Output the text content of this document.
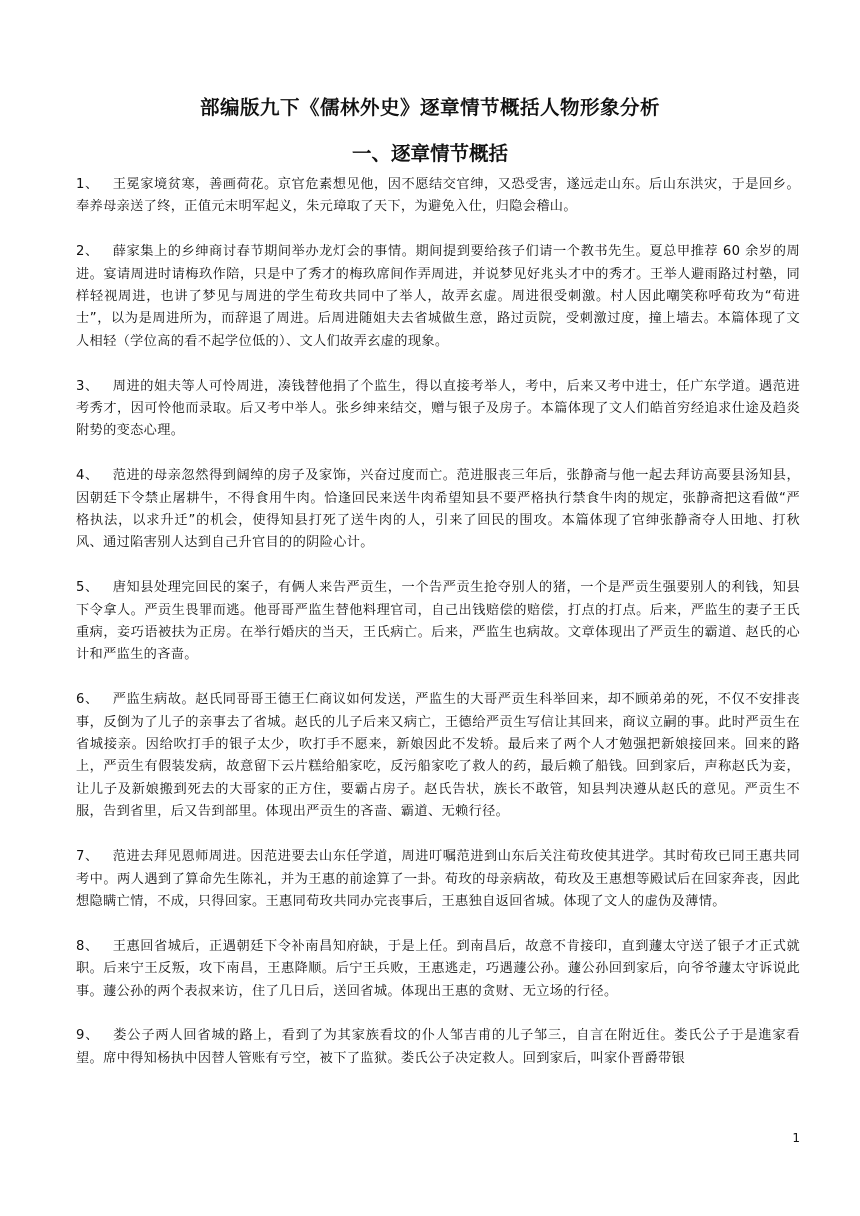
部编版九下《儒林外史》逐章情节概括人物形象分析
一、逐章情节概括

1、 王冕家境贫寒，善画荷花。京官危素想见他，因不愿结交官绅，又恐受害，遂远走山东。后山东洪灾，于是回乡。奉养母亲送了终，正值元末明军起义，朱元璋取了天下，为避免入仕，归隐会稽山。

2、 薛家集上的乡绅商讨春节期间举办龙灯会的事情。期间提到要给孩子们请一个教书先生。夏总甲推荐 60 余岁的周进。宴请周进时请梅玖作陪，只是中了秀才的梅玖席间作弄周进，并说梦见好兆头才中的秀才。王举人避雨路过村塾，同样轻视周进，也讲了梦见与周进的学生荀玫共同中了举人，故弄玄虚。周进很受刺激。村人因此嘲笑称呼荀玫为“荀进士”，以为是周进所为，而辞退了周进。后周进随姐夫去省城做生意，路过贡院，受刺激过度，撞上墙去。本篇体现了文人相轻（学位高的看不起学位低的）、文人们故弄玄虚的现象。

3、 周进的姐夫等人可怜周进，凑钱替他捐了个监生，得以直接考举人，考中，后来又考中进士，任广东学道。遇范进考秀才，因可怜他而录取。后又考中举人。张乡绅来结交，赠与银子及房子。本篇体现了文人们皓首穷经追求仕途及趋炎附势的变态心理。

4、 范进的母亲忽然得到阔绰的房子及家饰，兴奋过度而亡。范进服丧三年后，张静斋与他一起去拜访高要县汤知县，因朝廷下令禁止屠耕牛，不得食用牛肉。恰逢回民来送牛肉希望知县不要严格执行禁食牛肉的规定，张静斋把这看做“严格执法，以求升迁”的机会，使得知县打死了送牛肉的人，引来了回民的围攻。本篇体现了官绅张静斋夺人田地、打秋风、通过陷害别人达到自己升官目的的阴险心计。

5、 唐知县处理完回民的案子，有俩人来告严贡生，一个告严贡生抢夺别人的猪，一个是严贡生强要别人的利钱，知县下令拿人。严贡生畏罪而逃。他哥哥严监生替他料理官司，自己出钱赔偿的赔偿，打点的打点。后来，严监生的妻子王氏重病，妾巧语被扶为正房。在举行婚庆的当天，王氏病亡。后来，严监生也病故。文章体现出了严贡生的霸道、赵氏的心计和严监生的吝啬。

6、 严监生病故。赵氏同哥哥王德王仁商议如何发送，严监生的大哥严贡生科举回来，却不顾弟弟的死，不仅不安排丧事，反倒为了儿子的亲事去了省城。赵氏的儿子后来又病亡，王德给严贡生写信让其回来，商议立嗣的事。此时严贡生在省城接亲。因给吹打手的银子太少，吹打手不愿来，新娘因此不发轿。最后来了两个人才勉强把新娘接回来。回来的路上，严贡生有假装发病，故意留下云片糕给船家吃，反污船家吃了救人的药，最后赖了船钱。回到家后，声称赵氏为妾，让儿子及新娘搬到死去的大哥家的正方住，要霸占房子。赵氏告状，族长不敢管，知县判决遵从赵氏的意见。严贡生不服，告到省里，后又告到部里。体现出严贡生的吝啬、霸道、无赖行径。

7、 范进去拜见恩师周进。因范进要去山东任学道，周进叮嘱范进到山东后关注荀玫使其进学。其时荀玫已同王惠共同考中。两人遇到了算命先生陈礼，并为王惠的前途算了一卦。荀玫的母亲病故，荀玫及王惠想等殿试后在回家奔丧，因此想隐瞒亡情，不成，只得回家。王惠同荀玫共同办完丧事后，王惠独自返回省城。体现了文人的虚伪及薄情。

8、 王惠回省城后，正遇朝廷下令补南昌知府缺，于是上任。到南昌后，故意不肯接印，直到蘧太守送了银子才正式就职。后来宁王反叛，攻下南昌，王惠降顺。后宁王兵败，王惠逃走，巧遇蘧公孙。蘧公孙回到家后，向爷爷蘧太守诉说此事。蘧公孙的两个表叔来访，住了几日后，送回省城。体现出王惠的贪财、无立场的行径。

9、 娄公子两人回省城的路上，看到了为其家族看坟的仆人邹吉甫的儿子邹三，自言在附近住。娄氏公子于是進家看望。席中得知杨执中因替人管账有亏空，被下了监狱。娄氏公子决定救人。回到家后，叫家仆晋爵带银

1
